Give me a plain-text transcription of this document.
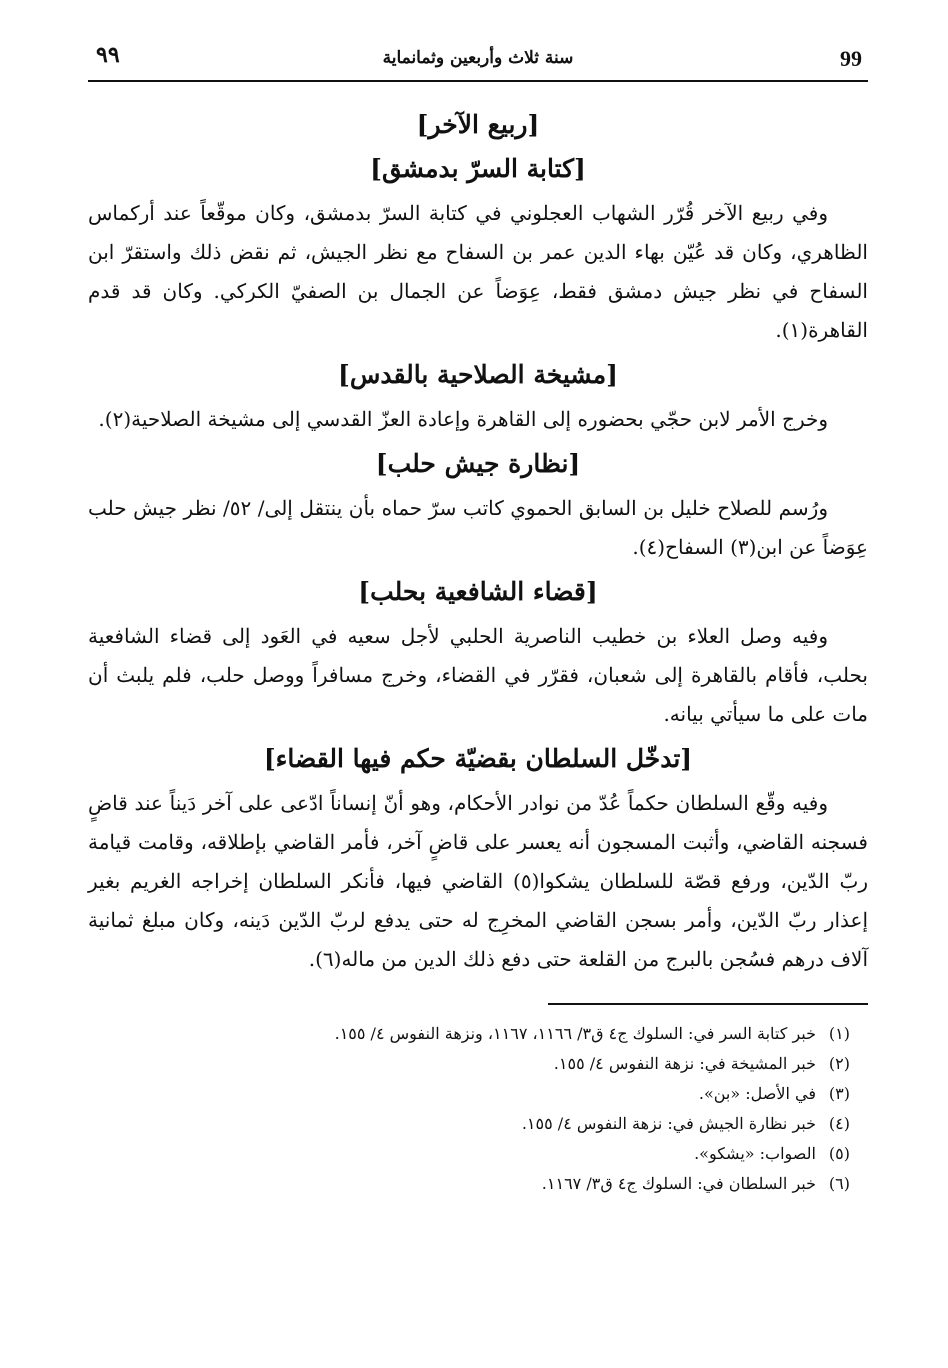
99
سنة ثلاث وأربعين وثمانماية
٩٩
[ربيع الآخر]
[كتابة السرّ بدمشق]

وفي ربيع الآخر قُرّر الشهاب العجلوني في كتابة السرّ بدمشق، وكان موقّعاً عند أركماس الظاهري، وكان قد عُيّن بهاء الدين عمر بن السفاح مع نظر الجيش، ثم نقض ذلك واستقرّ ابن السفاح في نظر جيش دمشق فقط، عِوَضاً عن الجمال بن الصفيّ الكركي. وكان قد قدم القاهرة(١).

[مشيخة الصلاحية بالقدس]

وخرج الأمر لابن حجّي بحضوره إلى القاهرة وإعادة العزّ القدسي إلى مشيخة الصلاحية(٢).

[نظارة جيش حلب]

ورُسم للصلاح خليل بن السابق الحموي كاتب سرّ حماه بأن ينتقل إلى/ ٥٢/ نظر جيش حلب عِوَضاً عن ابن(٣) السفاح(٤).

[قضاء الشافعية بحلب]

وفيه وصل العلاء بن خطيب الناصرية الحلبي لأجل سعيه في العَود إلى قضاء الشافعية بحلب، فأقام بالقاهرة إلى شعبان، فقرّر في القضاء، وخرج مسافراً ووصل حلب، فلم يلبث أن مات على ما سيأتي بيانه.

[تدخّل السلطان بقضيّة حكم فيها القضاء]

وفيه وقّع السلطان حكماً عُدّ من نوادر الأحكام، وهو أنّ إنساناً ادّعى على آخر دَيناً عند قاضٍ فسجنه القاضي، وأثبت المسجون أنه يعسر على قاضٍ آخر، فأمر القاضي بإطلاقه، وقامت قيامة ربّ الدّين، ورفع قصّة للسلطان يشكوا(٥) القاضي فيها، فأنكر السلطان إخراجه الغريم بغير إعذار ربّ الدّين، وأمر بسجن القاضي المخرِج له حتى يدفع لربّ الدّين دَينه، وكان مبلغ ثمانية آلاف درهم فسُجن بالبرج من القلعة حتى دفع ذلك الدين من ماله(٦).

(١)خبر كتابة السر في: السلوك ج٤ ق٣/ ١١٦٦، ١١٦٧، ونزهة النفوس ٤/ ١٥٥.
(٢)خبر المشيخة في: نزهة النفوس ٤/ ١٥٥.
(٣)في الأصل: «بن».
(٤)خبر نظارة الجيش في: نزهة النفوس ٤/ ١٥٥.
(٥)الصواب: «يشكو».
(٦)خبر السلطان في: السلوك ج٤ ق٣/ ١١٦٧.
